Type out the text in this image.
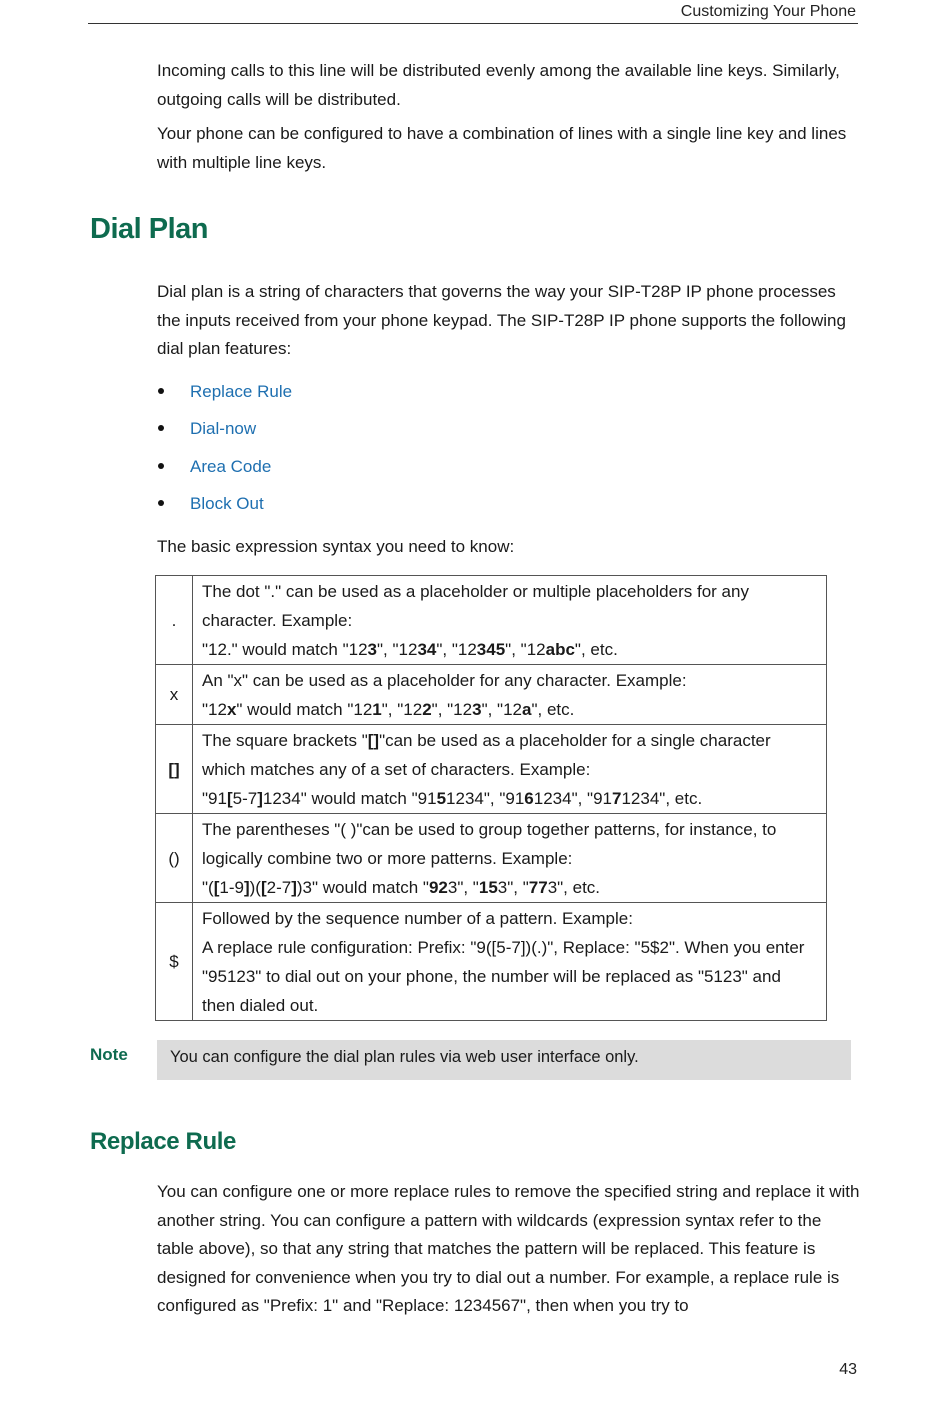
Customizing Your Phone

Incoming calls to this line will be distributed evenly among the available line keys. Similarly, outgoing calls will be distributed.

Your phone can be configured to have a combination of lines with a single line key and lines with multiple line keys.

Dial Plan

Dial plan is a string of characters that governs the way your SIP-T28P IP phone processes the inputs received from your phone keypad. The SIP-T28P IP phone supports the following dial plan features:

Replace Rule
Dial-now
Area Code
Block Out

The basic expression syntax you need to know:

.	The dot "." can be used as a placeholder or multiple placeholders for any character. Example:
"12." would match "123", "1234", "12345", "12abc", etc.

x	An "x" can be used as a placeholder for any character. Example:
"12x" would match "121", "122", "123", "12a", etc.

[]	The square brackets "[]"can be used as a placeholder for a single character which matches any of a set of characters. Example:
"91[5-7]1234" would match "9151234", "9161234", "9171234", etc.

()	The parentheses "( )"can be used to group together patterns, for instance, to logically combine two or more patterns. Example:
"([1-9])([2-7])3" would match "923", "153", "773", etc.

$	Followed by the sequence number of a pattern. Example:
A replace rule configuration: Prefix: "9([5-7])(.)", Replace: "5$2". When you enter "95123" to dial out on your phone, the number will be replaced as "5123" and then dialed out.
Note	You can configure the dial plan rules via web user interface only.
Replace Rule

You can configure one or more replace rules to remove the specified string and replace it with another string. You can configure a pattern with wildcards (expression syntax refer to the table above), so that any string that matches the pattern will be replaced. This feature is designed for convenience when you try to dial out a number. For example, a replace rule is configured as "Prefix: 1" and "Replace: 1234567", then when you try to

43
